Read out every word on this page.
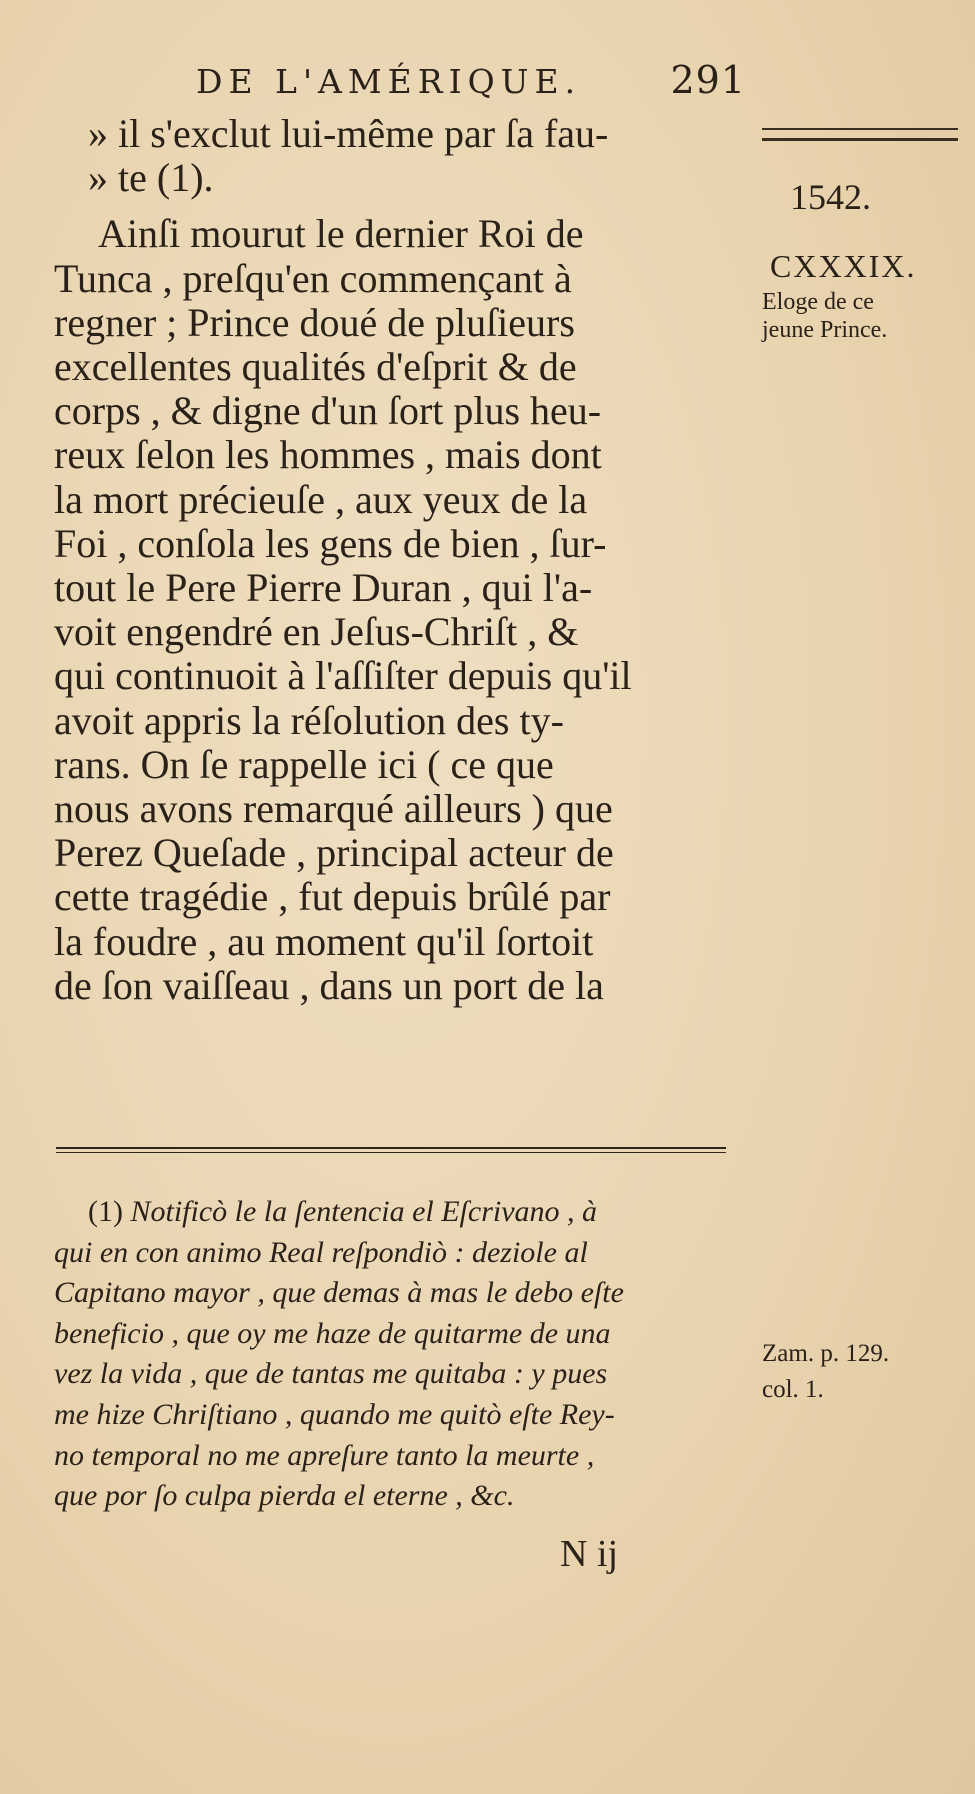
DE L'AMÉRIQUE. 291
1542.
CXXXIX.
Eloge de ce
jeune Prince.
» il s'exclut lui-même par ſa fau-
» te (1).
Ainſi mourut le dernier Roi de
Tunca , preſqu'en commençant à
regner ; Prince doué de pluſieurs
excellentes qualités d'eſprit & de
corps , & digne d'un ſort plus heu-
reux ſelon les hommes , mais dont
la mort précieuſe , aux yeux de la
Foi , conſola les gens de bien , ſur-
tout le Pere Pierre Duran , qui l'a-
voit engendré en Jeſus-Chriſt , &
qui continuoit à l'aſſiſter depuis qu'il
avoit appris la réſolution des ty-
rans. On ſe rappelle ici ( ce que
nous avons remarqué ailleurs ) que
Perez Queſade , principal acteur de
cette tragédie , fut depuis brûlé par
la foudre , au moment qu'il ſortoit
de ſon vaiſſeau , dans un port de la
(1) Notificò le la ſentencia el Eſcrivano , à
qui en con animo Real reſpondiò : deziole al
Capitano mayor , que demas à mas le debo eſte
beneficio , que oy me haze de quitarme de una
vez la vida , que de tantas me quitaba : y pues
me hize Chriſtiano , quando me quitò eſte Rey-
no temporal no me apreſure tanto la meurte ,
que por ſo culpa pierda el eterne , &c.
Zam. p. 129.
col. 1.
N ij
